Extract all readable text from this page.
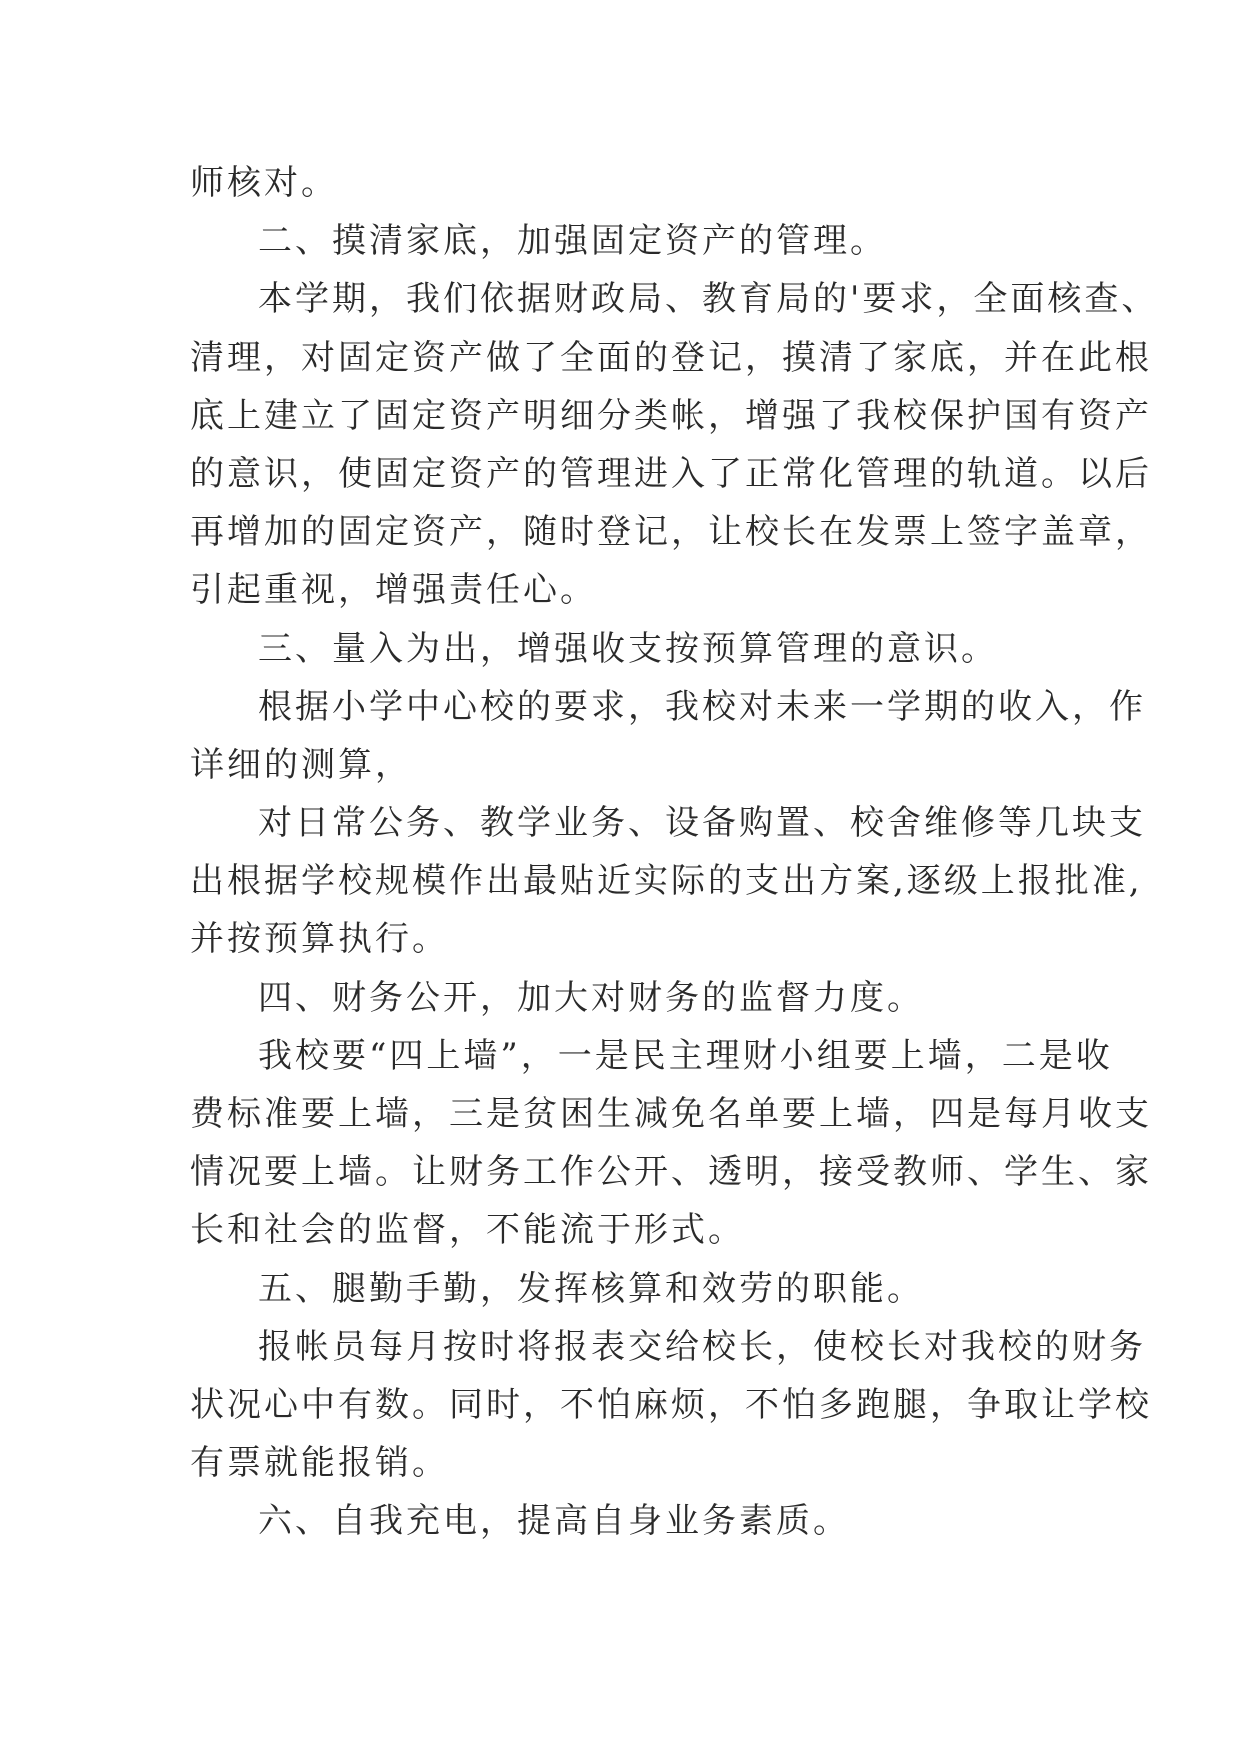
师核对。
二、摸清家底，加强固定资产的管理。
本学期，我们依据财政局、教育局的'要求，全面核查、
清理，对固定资产做了全面的登记，摸清了家底，并在此根
底上建立了固定资产明细分类帐，增强了我校保护国有资产
的意识，使固定资产的管理进入了正常化管理的轨道。以后
再增加的固定资产，随时登记，让校长在发票上签字盖章，
引起重视，增强责任心。
三、量入为出，增强收支按预算管理的意识。
根据小学中心校的要求，我校对未来一学期的收入，作
详细的测算，
对日常公务、教学业务、设备购置、校舍维修等几块支
出根据学校规模作出最贴近实际的支出方案,逐级上报批准,
并按预算执行。
四、财务公开，加大对财务的监督力度。
我校要“四上墙”，一是民主理财小组要上墙，二是收
费标准要上墙，三是贫困生减免名单要上墙，四是每月收支
情况要上墙。让财务工作公开、透明，接受教师、学生、家
长和社会的监督，不能流于形式。
五、腿勤手勤，发挥核算和效劳的职能。
报帐员每月按时将报表交给校长，使校长对我校的财务
状况心中有数。同时，不怕麻烦，不怕多跑腿，争取让学校
有票就能报销。
六、自我充电，提高自身业务素质。
